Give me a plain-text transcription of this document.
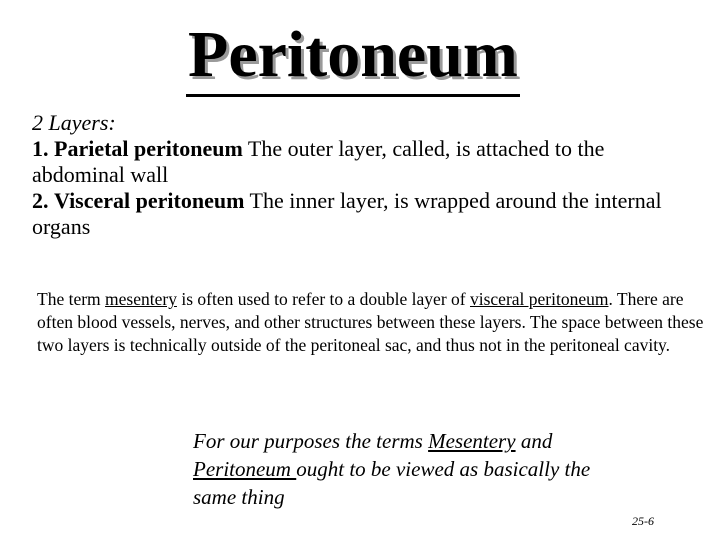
Peritoneum
2 Layers:
1. Parietal peritoneum The outer layer, called, is attached to the abdominal wall
2. Visceral peritoneum The inner layer, is wrapped around the internal organs
The term mesentery is often used to refer to a double layer of visceral peritoneum. There are often blood vessels, nerves, and other structures between these layers. The space between these two layers is technically outside of the peritoneal sac, and thus not in the peritoneal cavity.
For our purposes the terms Mesentery and Peritoneum ought to be viewed as basically the same thing
25-6
